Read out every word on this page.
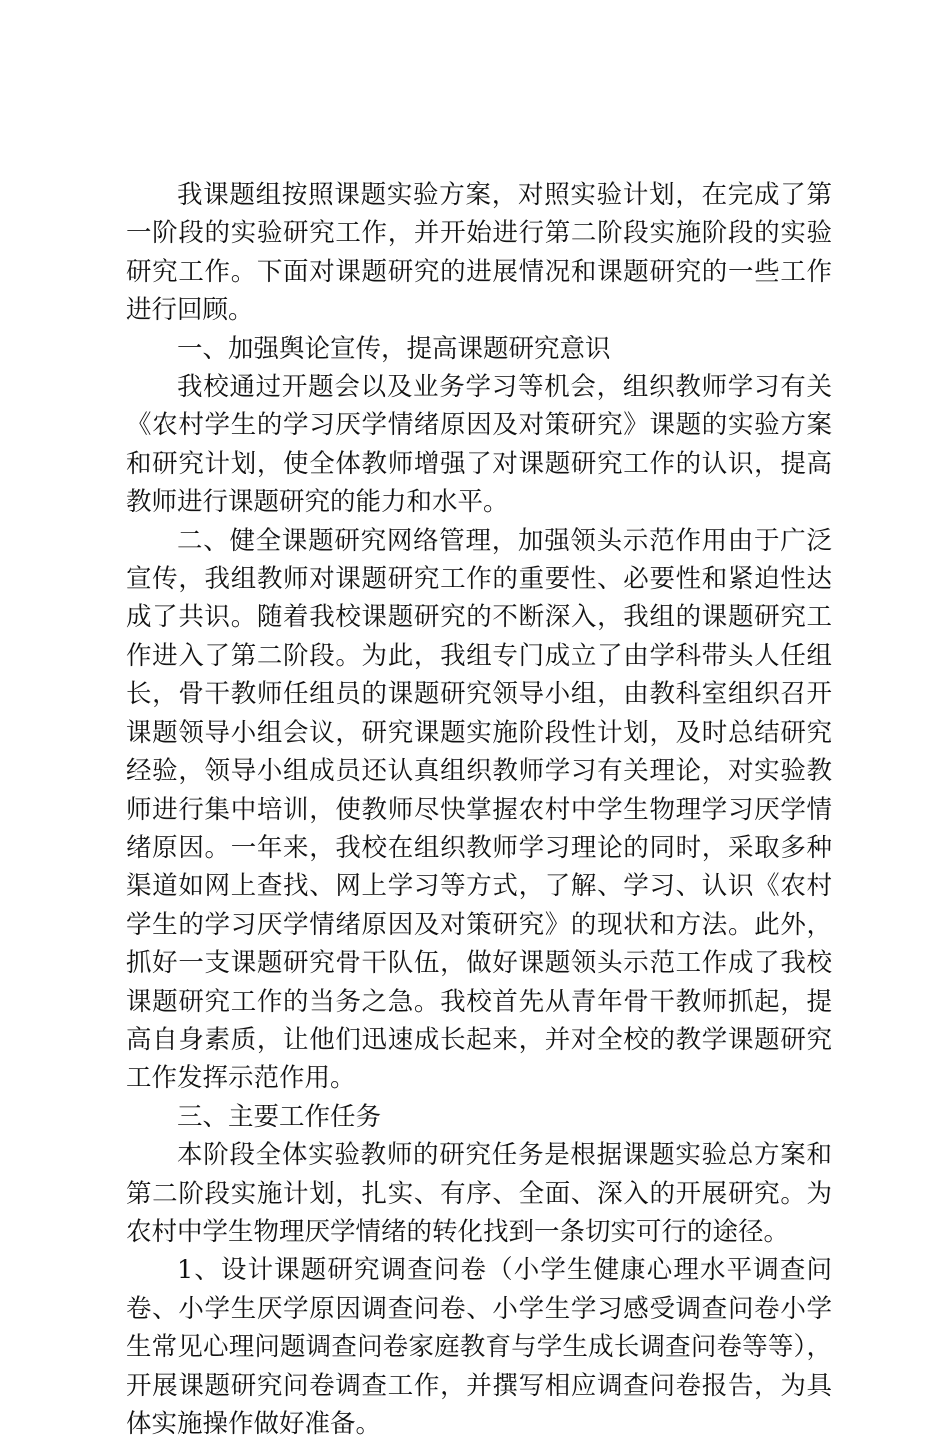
我课题组按照课题实验方案，对照实验计划，在完成了第一阶段的实验研究工作，并开始进行第二阶段实施阶段的实验研究工作。下面对课题研究的进展情况和课题研究的一些工作进行回顾。

一、加强舆论宣传，提高课题研究意识

我校通过开题会以及业务学习等机会，组织教师学习有关《农村学生的学习厌学情绪原因及对策研究》课题的实验方案和研究计划，使全体教师增强了对课题研究工作的认识，提高教师进行课题研究的能力和水平。

二、健全课题研究网络管理，加强领头示范作用由于广泛宣传，我组教师对课题研究工作的重要性、必要性和紧迫性达成了共识。随着我校课题研究的不断深入，我组的课题研究工作进入了第二阶段。为此，我组专门成立了由学科带头人任组长，骨干教师任组员的课题研究领导小组，由教科室组织召开课题领导小组会议，研究课题实施阶段性计划，及时总结研究经验，领导小组成员还认真组织教师学习有关理论，对实验教师进行集中培训，使教师尽快掌握农村中学生物理学习厌学情绪原因。一年来，我校在组织教师学习理论的同时，采取多种渠道如网上查找、网上学习等方式，了解、学习、认识《农村学生的学习厌学情绪原因及对策研究》的现状和方法。此外，抓好一支课题研究骨干队伍，做好课题领头示范工作成了我校课题研究工作的当务之急。我校首先从青年骨干教师抓起，提高自身素质，让他们迅速成长起来，并对全校的教学课题研究工作发挥示范作用。

三、主要工作任务

本阶段全体实验教师的研究任务是根据课题实验总方案和第二阶段实施计划，扎实、有序、全面、深入的开展研究。为农村中学生物理厌学情绪的转化找到一条切实可行的途径。

1、设计课题研究调查问卷（小学生健康心理水平调查问卷、小学生厌学原因调查问卷、小学生学习感受调查问卷小学生常见心理问题调查问卷家庭教育与学生成长调查问卷等等），开展课题研究问卷调查工作，并撰写相应调查问卷报告，为具体实施操作做好准备。
